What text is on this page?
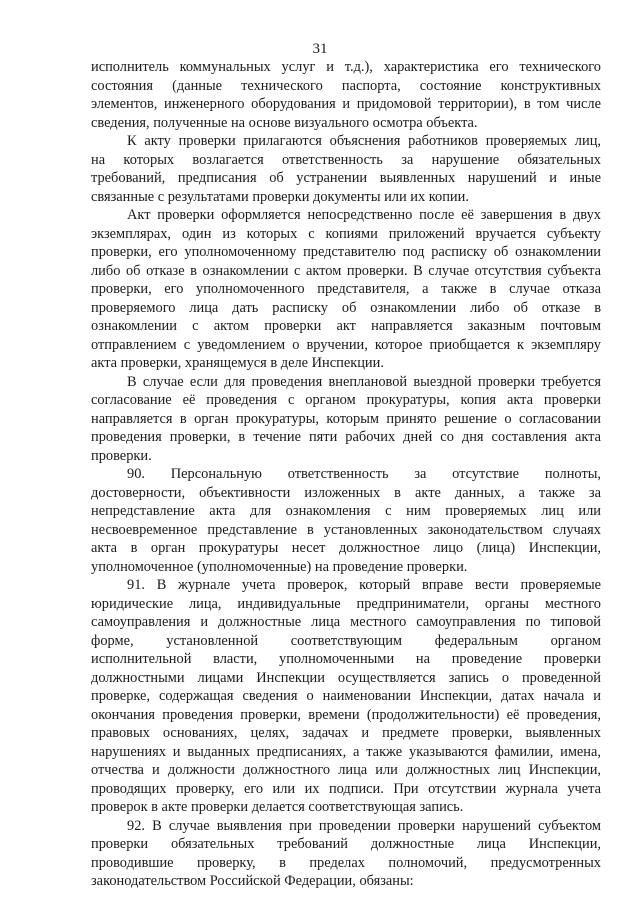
31
исполнитель коммунальных услуг и т.д.), характеристика его технического
состояния (данные технического паспорта, состояние конструктивных
элементов, инженерного оборудования и придомовой территории), в том числе
сведения, полученные на основе визуального осмотра объекта.
К акту проверки прилагаются объяснения работников проверяемых лиц,
на которых возлагается ответственность за нарушение обязательных
требований, предписания об устранении выявленных нарушений и иные
связанные с результатами проверки документы или их копии.
Акт проверки оформляется непосредственно после её завершения в двух
экземплярах, один из которых с копиями приложений вручается субъекту
проверки, его уполномоченному представителю под расписку об ознакомлении
либо об отказе в ознакомлении с актом проверки. В случае отсутствия субъекта
проверки, его уполномоченного представителя, а также в случае отказа
проверяемого лица дать расписку об ознакомлении либо об отказе в
ознакомлении с актом проверки акт направляется заказным почтовым
отправлением с уведомлением о вручении, которое приобщается к экземпляру
акта проверки, хранящемуся в деле Инспекции.
В случае если для проведения внеплановой выездной проверки требуется
согласование её проведения с органом прокуратуры, копия акта проверки
направляется в орган прокуратуры, которым принято решение о согласовании
проведения проверки, в течение пяти рабочих дней со дня составления акта
проверки.
90. Персональную ответственность за отсутствие полноты,
достоверности, объективности изложенных в акте данных, а также за
непредставление акта для ознакомления с ним проверяемых лиц или
несвоевременное представление в установленных законодательством случаях
акта в орган прокуратуры несет должностное лицо (лица) Инспекции,
уполномоченное (уполномоченные) на проведение проверки.
91. В журнале учета проверок, который вправе вести проверяемые
юридические лица, индивидуальные предприниматели, органы местного
самоуправления и должностные лица местного самоуправления по типовой
форме, установленной соответствующим федеральным органом
исполнительной власти, уполномоченными на проведение проверки
должностными лицами Инспекции осуществляется запись о проведенной
проверке, содержащая сведения о наименовании Инспекции, датах начала и
окончания проведения проверки, времени (продолжительности) её проведения,
правовых основаниях, целях, задачах и предмете проверки, выявленных
нарушениях и выданных предписаниях, а также указываются фамилии, имена,
отчества и должности должностного лица или должностных лиц Инспекции,
проводящих проверку, его или их подписи. При отсутствии журнала учета
проверок в акте проверки делается соответствующая запись.
92. В случае выявления при проведении проверки нарушений субъектом
проверки обязательных требований должностные лица Инспекции,
проводившие проверку, в пределах полномочий, предусмотренных
законодательством Российской Федерации, обязаны:
